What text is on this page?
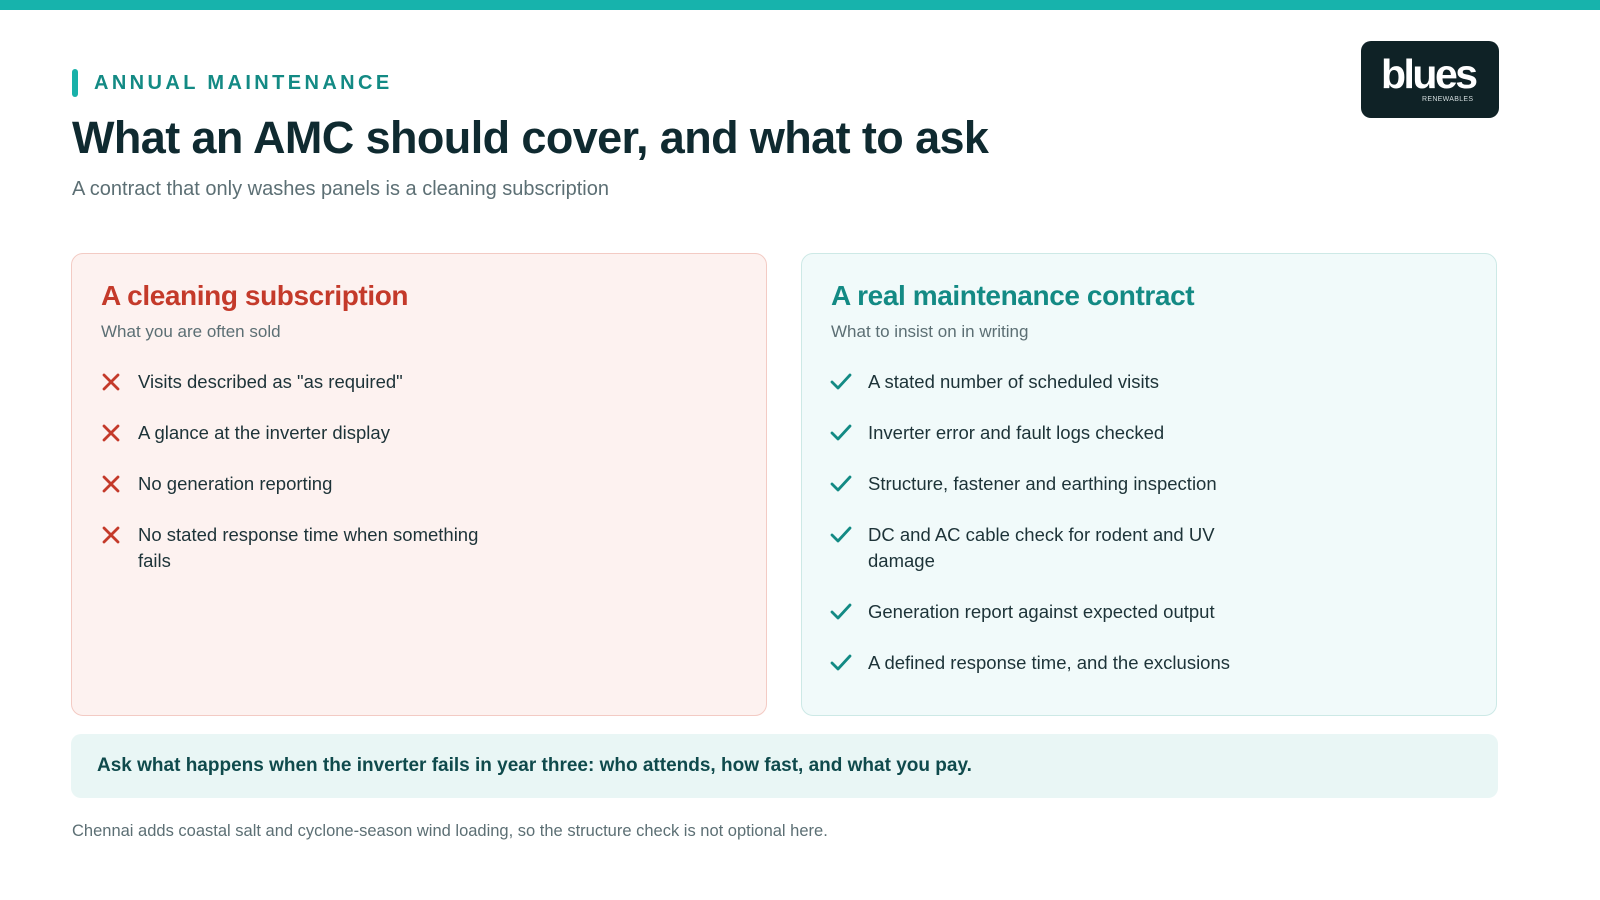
ANNUAL MAINTENANCE
What an AMC should cover, and what to ask

A contract that only washes panels is a cleaning subscription

blues
RENEWABLES
A cleaning subscription

What you are often sold

Visits described as "as required"
A glance at the inverter display
No generation reporting
No stated response time when something fails
A real maintenance contract

What to insist on in writing

A stated number of scheduled visits
Inverter error and fault logs checked
Structure, fastener and earthing inspection
DC and AC cable check for rodent and UV damage
Generation report against expected output
A defined response time, and the exclusions
Ask what happens when the inverter fails in year three: who attends, how fast, and what you pay.

Chennai adds coastal salt and cyclone-season wind loading, so the structure check is not optional here.
